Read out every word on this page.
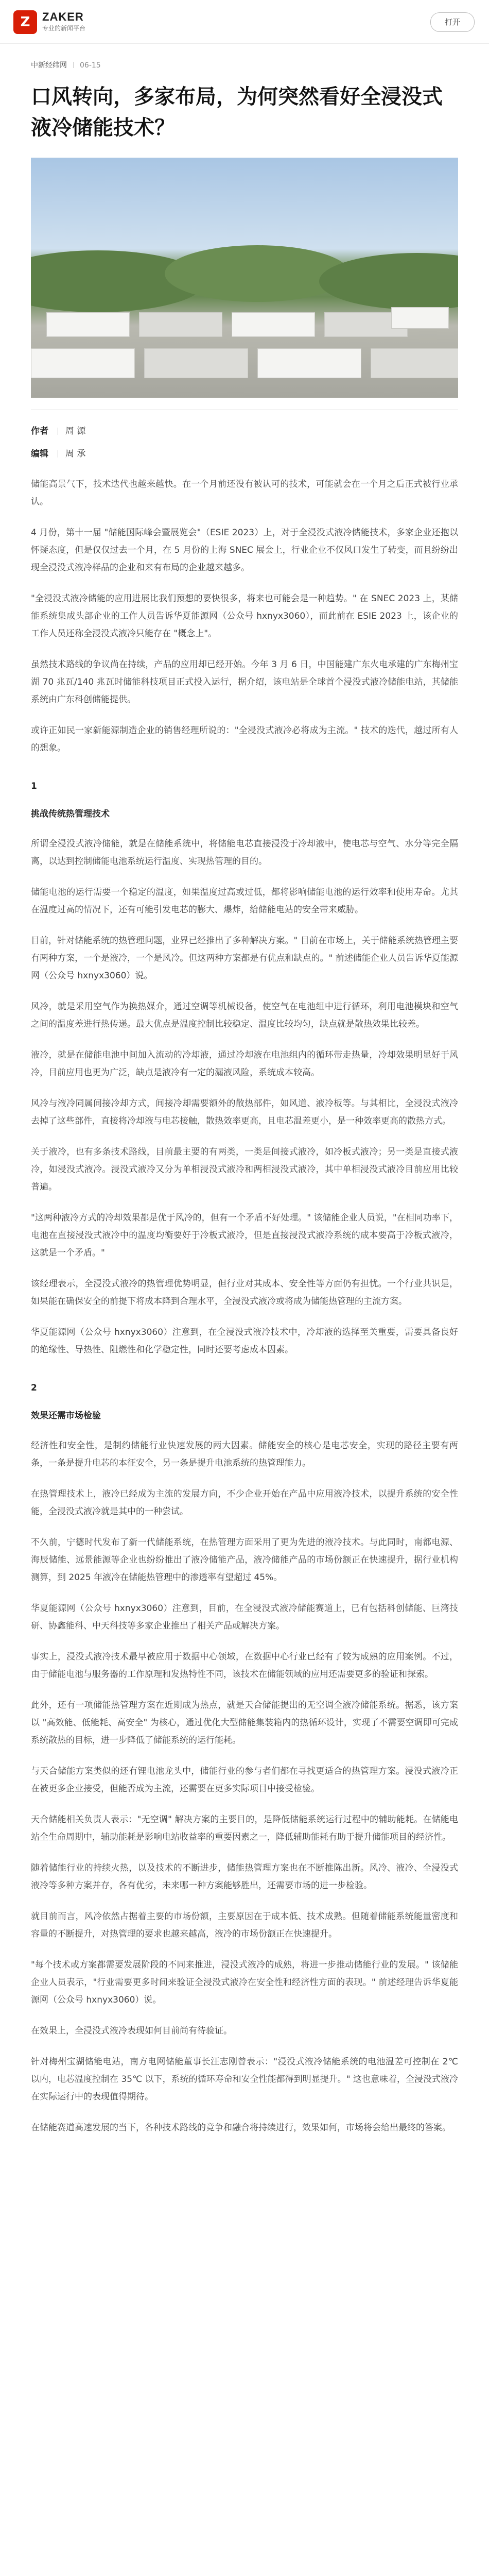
Z	ZAKER
专业的新闻平台
打开
中新经纬网 06-15
口风转向，多家布局，为何突然看好全浸没式液冷储能技术？
作者 周 源
编辑 周 承

储能高景气下，技术迭代也越来越快。在一个月前还没有被认可的技术，可能就会在一个月之后正式被行业承认。

4 月份，第十一届 "储能国际峰会暨展览会"（ESIE 2023）上，对于全浸没式液冷储能技术，多家企业还抱以怀疑态度，但是仅仅过去一个月，在 5 月份的上海 SNEC 展会上，行业企业不仅风口发生了转变，而且纷纷出现全浸没式液冷样品的企业和来有布局的企业越来越多。

"全浸没式液冷储能的应用进展比我们预想的要快很多，将来也可能会是一种趋势。" 在 SNEC 2023 上，某储能系统集成头部企业的工作人员告诉华夏能源网（公众号 hxnyx3060），而此前在 ESIE 2023 上，该企业的工作人员还称全浸没式液冷只能存在 "概念上"。

虽然技术路线的争议尚在持续，产品的应用却已经开始。今年 3 月 6 日，中国能建广东火电承建的广东梅州宝湖 70 兆瓦/140 兆瓦时储能科技项目正式投入运行，据介绍，该电站是全球首个浸没式液冷储能电站，其储能系统由广东科创储能提供。

或许正如民一家新能源制造企业的销售经理所说的："全浸没式液冷必将成为主流。" 技术的迭代，越过所有人的想象。

1

挑战传统热管理技术

所谓全浸没式液冷储能，就是在储能系统中，将储能电芯直接浸没于冷却液中，使电芯与空气、水分等完全隔离，以达到控制储能电池系统运行温度、实现热管理的目的。

储能电池的运行需要一个稳定的温度，如果温度过高或过低，都将影响储能电池的运行效率和使用寿命。尤其在温度过高的情况下，还有可能引发电芯的膨大、爆炸，给储能电站的安全带来威胁。

目前，针对储能系统的热管理问题，业界已经推出了多种解决方案。" 目前在市场上，关于储能系统热管理主要有两种方案，一个是液冷，一个是风冷。但这两种方案都是有优点和缺点的。" 前述储能企业人员告诉华夏能源网（公众号 hxnyx3060）说。

风冷，就是采用空气作为换热媒介，通过空调等机械设备，使空气在电池组中进行循环，利用电池模块和空气之间的温度差进行热传递。最大优点是温度控制比较稳定、温度比较均匀，缺点就是散热效果比较差。

液冷，就是在储能电池中间加入流动的冷却液，通过冷却液在电池组内的循环带走热量，冷却效果明显好于风冷，目前应用也更为广泛，缺点是液冷有一定的漏液风险，系统成本较高。

风冷与液冷同属间接冷却方式，间接冷却需要额外的散热部件，如风道、液冷板等。与其相比，全浸没式液冷去掉了这些部件，直接将冷却液与电芯接触，散热效率更高，且电芯温差更小，是一种效率更高的散热方式。

关于液冷，也有多条技术路线，目前最主要的有两类，一类是间接式液冷，如冷板式液冷；另一类是直接式液冷，如浸没式液冷。浸没式液冷又分为单相浸没式液冷和两相浸没式液冷，其中单相浸没式液冷目前应用比较普遍。

"这两种液冷方式的冷却效果都是优于风冷的，但有一个矛盾不好处理。" 该储能企业人员说，"在相同功率下，电池在直接浸没式液冷中的温度均衡要好于冷板式液冷，但是直接浸没式液冷系统的成本要高于冷板式液冷，这就是一个矛盾。"

该经理表示，全浸没式液冷的热管理优势明显，但行业对其成本、安全性等方面仍有担忧。一个行业共识是，如果能在确保安全的前提下将成本降到合理水平，全浸没式液冷或将成为储能热管理的主流方案。

华夏能源网（公众号 hxnyx3060）注意到，在全浸没式液冷技术中，冷却液的选择至关重要，需要具备良好的绝缘性、导热性、阻燃性和化学稳定性，同时还要考虑成本因素。

2

效果还需市场检验

经济性和安全性，是制约储能行业快速发展的两大因素。储能安全的核心是电芯安全，实现的路径主要有两条，一条是提升电芯的本征安全，另一条是提升电池系统的热管理能力。

在热管理技术上，液冷已经成为主流的发展方向，不少企业开始在产品中应用液冷技术，以提升系统的安全性能，全浸没式液冷就是其中的一种尝试。

不久前，宁德时代发布了新一代储能系统，在热管理方面采用了更为先进的液冷技术。与此同时，南都电源、海辰储能、远景能源等企业也纷纷推出了液冷储能产品，液冷储能产品的市场份额正在快速提升，据行业机构测算，到 2025 年液冷在储能热管理中的渗透率有望超过 45%。

华夏能源网（公众号 hxnyx3060）注意到，目前，在全浸没式液冷储能赛道上，已有包括科创储能、巨湾技研、协鑫能科、中天科技等多家企业推出了相关产品或解决方案。

事实上，浸没式液冷技术最早被应用于数据中心领域，在数据中心行业已经有了较为成熟的应用案例。不过，由于储能电池与服务器的工作原理和发热特性不同，该技术在储能领域的应用还需要更多的验证和探索。

此外，还有一项储能热管理方案在近期成为热点，就是天合储能提出的无空调全液冷储能系统。据悉，该方案以 "高效能、低能耗、高安全" 为核心，通过优化大型储能集装箱内的热循环设计，实现了不需要空调即可完成系统散热的目标，进一步降低了储能系统的运行能耗。

与天合储能方案类似的还有锂电池龙头中，储能行业的参与者们都在寻找更适合的热管理方案。浸没式液冷正在被更多企业接受，但能否成为主流，还需要在更多实际项目中接受检验。

天合储能相关负责人表示："无空调" 解决方案的主要目的，是降低储能系统运行过程中的辅助能耗。在储能电站全生命周期中，辅助能耗是影响电站收益率的重要因素之一，降低辅助能耗有助于提升储能项目的经济性。

随着储能行业的持续火热，以及技术的不断进步，储能热管理方案也在不断推陈出新。风冷、液冷、全浸没式液冷等多种方案并存，各有优劣，未来哪一种方案能够胜出，还需要市场的进一步检验。

就目前而言，风冷依然占据着主要的市场份额，主要原因在于成本低、技术成熟。但随着储能系统能量密度和容量的不断提升，对热管理的要求也越来越高，液冷的市场份额正在快速提升。

"每个技术或方案都需要发展阶段的不同来推进，浸没式液冷的成熟，将进一步推动储能行业的发展。" 该储能企业人员表示，"行业需要更多时间来验证全浸没式液冷在安全性和经济性方面的表现。" 前述经理告诉华夏能源网（公众号 hxnyx3060）说。

在效果上，全浸没式液冷表现如何目前尚有待验证。

针对梅州宝湖储能电站，南方电网储能董事长汪志刚曾表示："浸没式液冷储能系统的电池温差可控制在 2℃ 以内，电芯温度控制在 35℃ 以下，系统的循环寿命和安全性能都得到明显提升。" 这也意味着，全浸没式液冷在实际运行中的表现值得期待。

在储能赛道高速发展的当下，各种技术路线的竞争和融合将持续进行，效果如何，市场将会给出最终的答案。
